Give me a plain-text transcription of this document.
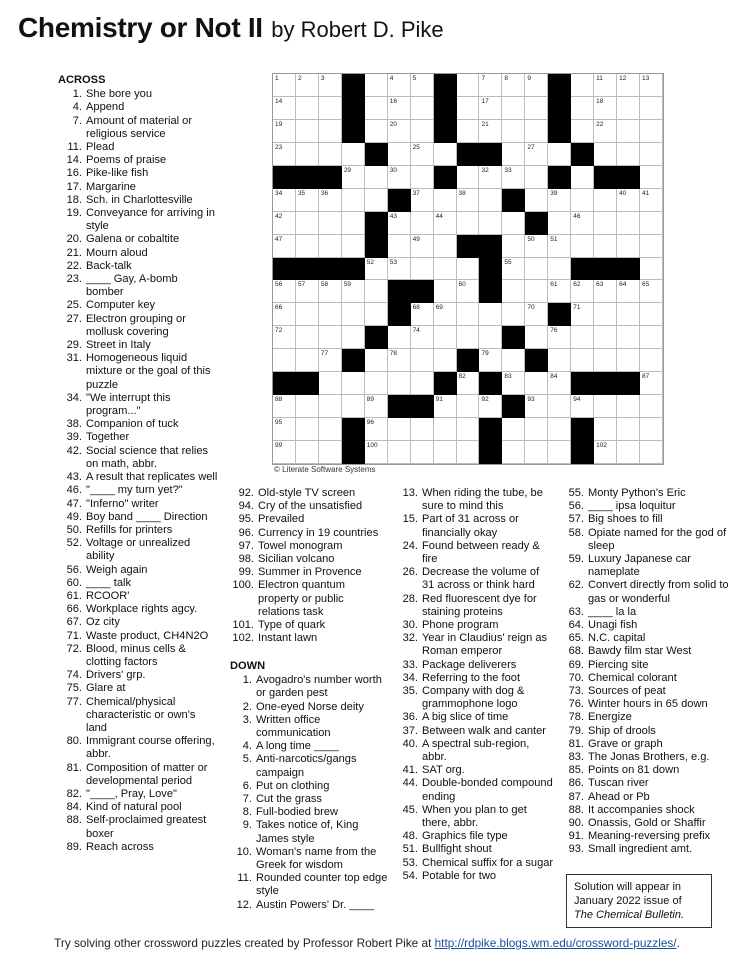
Chemistry or Not II by Robert D. Pike
ACROSS
1. She bore you
4. Append
7. Amount of material or religious service
11. Plead
14. Poems of praise
16. Pike-like fish
17. Margarine
18. Sch. in Charlottesville
19. Conveyance for arriving in style
20. Galena or cobaltite
21. Mourn aloud
22. Back-talk
23. ____ Gay, A-bomb bomber
25. Computer key
27. Electron grouping or mollusk covering
29. Street in Italy
31. Homogeneous liquid mixture or the goal of this puzzle
34. "We interrupt this program..."
38. Companion of tuck
39. Together
42. Social science that relies on math, abbr.
43. A result that replicates well
46. "____ my turn yet?"
47. "Inferno" writer
49. Boy band ____ Direction
50. Refills for printers
52. Voltage or unrealized ability
56. Weigh again
60. ____ talk
61. RCOOR'
66. Workplace rights agcy.
67. Oz city
71. Waste product, CH4N2O
72. Blood, minus cells & clotting factors
74. Drivers' grp.
75. Glare at
77. Chemical/physical characteristic or own's land
80. Immigrant course offering, abbr.
81. Composition of matter or developmental period
82. "____, Pray, Love"
84. Kind of natural pool
88. Self-proclaimed greatest boxer
89. Reach across
92. Old-style TV screen
94. Cry of the unsatisfied
95. Prevailed
96. Currency in 19 countries
97. Towel monogram
98. Sicilian volcano
99. Summer in Provence
100. Electron quantum property or public relations task
101. Type of quark
102. Instant lawn
DOWN
1. Avogadro's number worth or garden pest
2. One-eyed Norse deity
3. Written office communication
4. A long time ____
5. Anti-narcotics/gangs campaign
6. Put on clothing
7. Cut the grass
8. Full-bodied brew
9. Takes notice of, King James style
10. Woman's name from the Greek for wisdom
11. Rounded counter top edge style
12. Austin Powers' Dr. ____
13. When riding the tube, be sure to mind this
15. Part of 31 across or financially okay
24. Found between ready & fire
26. Decrease the volume of 31 across or think hard
28. Red fluorescent dye for staining proteins
30. Phone program
32. Year in Claudius' reign as Roman emperor
33. Package deliverers
34. Referring to the foot
35. Company with dog & grammophone logo
36. A big slice of time
37. Between walk and canter
40. A spectral sub-region, abbr.
41. SAT org.
44. Double-bonded compound ending
45. When you plan to get there, abbr.
48. Graphics file type
51. Bullfight shout
53. Chemical suffix for a sugar
54. Potable for two
55. Monty Python's Eric
56. ____ ipsa loquitur
57. Big shoes to fill
58. Opiate named for the god of sleep
59. Luxury Japanese car nameplate
62. Convert directly from solid to gas or wonderful
63. ____ la la
64. Unagi fish
65. N.C. capital
68. Bawdy film star West
69. Piercing site
70. Chemical colorant
73. Sources of peat
76. Winter hours in 65 down
78. Energize
79. Ship of drools
81. Grave or graph
83. The Jonas Brothers, e.g.
85. Points on 81 down
86. Tuscan river
87. Ahead or Pb
88. It accompanies shock
90. Onassis, Gold or Shaffir
91. Meaning-reversing prefix
93. Small ingredient amt.
1	2	3	4	5	7	8	9	11 12 13
14	16	17	18
19	20	21	22
23	25	27
29	30	32 33
34 35 36	37	38	39	40 41
42	43	44	46
47	49	50 51
52 53	55
56 57 58 59	60	61 62 63 64 65
66	68 69	70	71
72	74	76
77	78	79
82	83	84	87
88	89	91	92	93	94
95	96
99	100	102
© Literate Software Systems
Solution will appear in
January 2022 issue of
The Chemical Bulletin.
Try solving other crossword puzzles created by Professor Robert Pike at http://rdpike.blogs.wm.edu/crossword-puzzles/.
